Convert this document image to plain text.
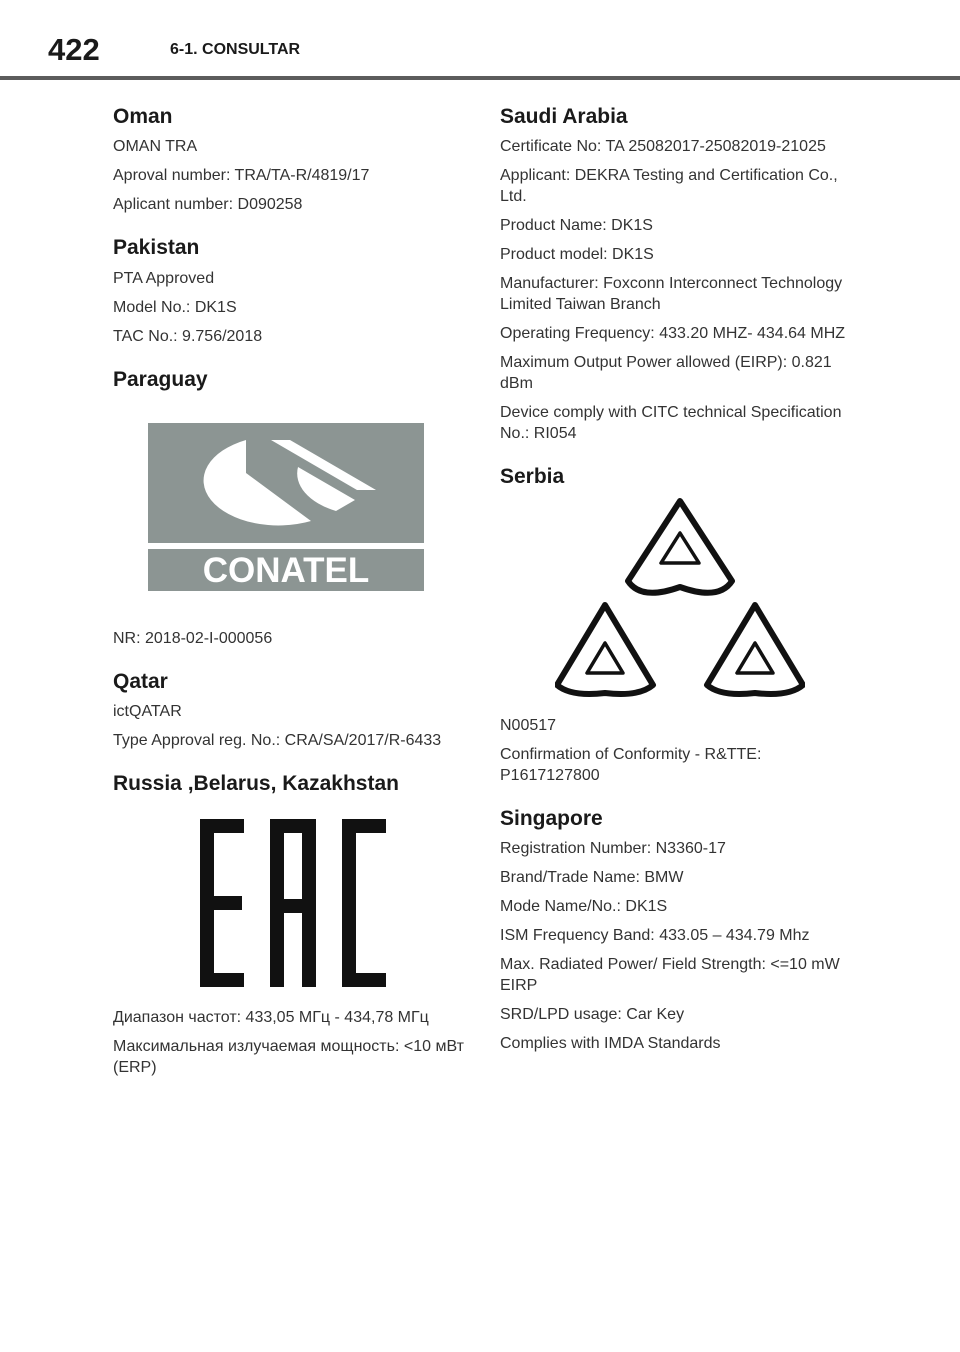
422	6-1. CONSULTAR
Oman

OMAN TRA

Aproval number: TRA/TA-R/4819/17

Aplicant number: D090258

Pakistan

PTA Approved

Model No.: DK1S

TAC No.: 9.756/2018

Paraguay
CONATEL

NR: 2018-02-I-000056

Qatar

ictQATAR

Type Approval reg. No.: CRA/SA/2017/R-6433

Russia ,Belarus, Kazakhstan

Диапазон частот: 433,05 МГц - 434,78 МГц

Максимальная излучаемая мощность: <10 мВт (ERP)

Saudi Arabia

Certificate No: TA 25082017-25082019-21025

Applicant: DEKRA Testing and Certification Co., Ltd.

Product Name: DK1S

Product model: DK1S

Manufacturer: Foxconn Interconnect Technology Limited Taiwan Branch

Operating Frequency: 433.20 MHZ- 434.64 MHZ

Maximum Output Power allowed (EIRP): 0.821 dBm

Device comply with CITC technical Specification No.: RI054

Serbia

N00517

Confirmation of Conformity - R&TTE: P1617127800

Singapore

Registration Number: N3360-17

Brand/Trade Name: BMW

Mode Name/No.: DK1S

ISM Frequency Band: 433.05 – 434.79 Mhz

Max. Radiated Power/ Field Strength: <=10 mW EIRP

SRD/LPD usage: Car Key

Complies with IMDA Standards
